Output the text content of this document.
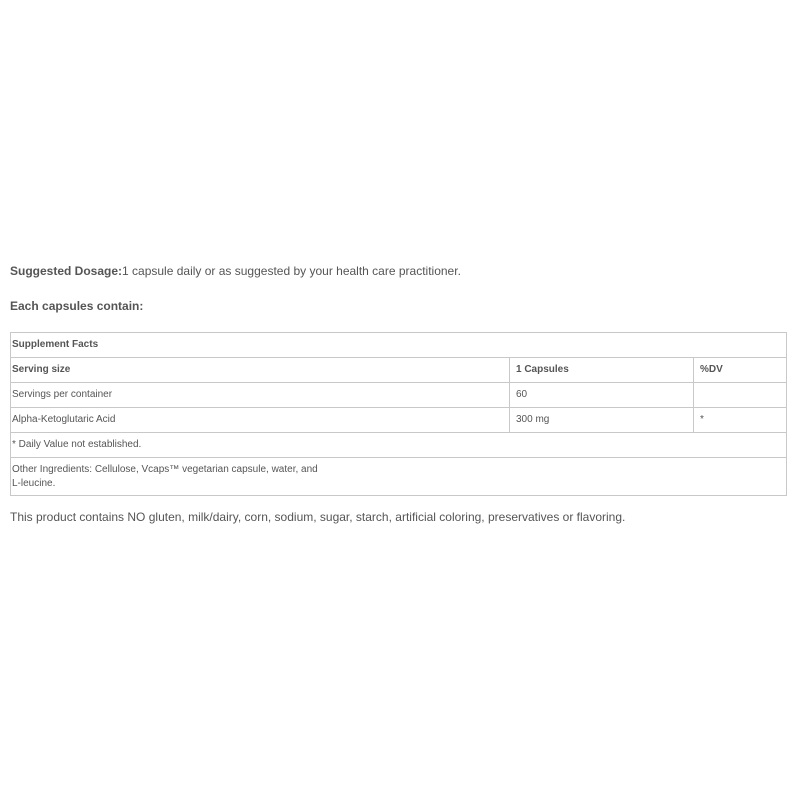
Suggested Dosage:1 capsule daily or as suggested by your health care practitioner.

Each capsules contain:

Supplement Facts		
Serving size	1 Capsules	%DV
Servings per container	60	
Alpha-Ketoglutaric Acid	300 mg	*
* Daily Value not established.		

Other Ingredients: Cellulose, Vcaps™ vegetarian capsule, water, and
L-leucine.		

This product contains NO gluten, milk/dairy, corn, sodium, sugar, starch, artificial coloring, preservatives or flavoring.
